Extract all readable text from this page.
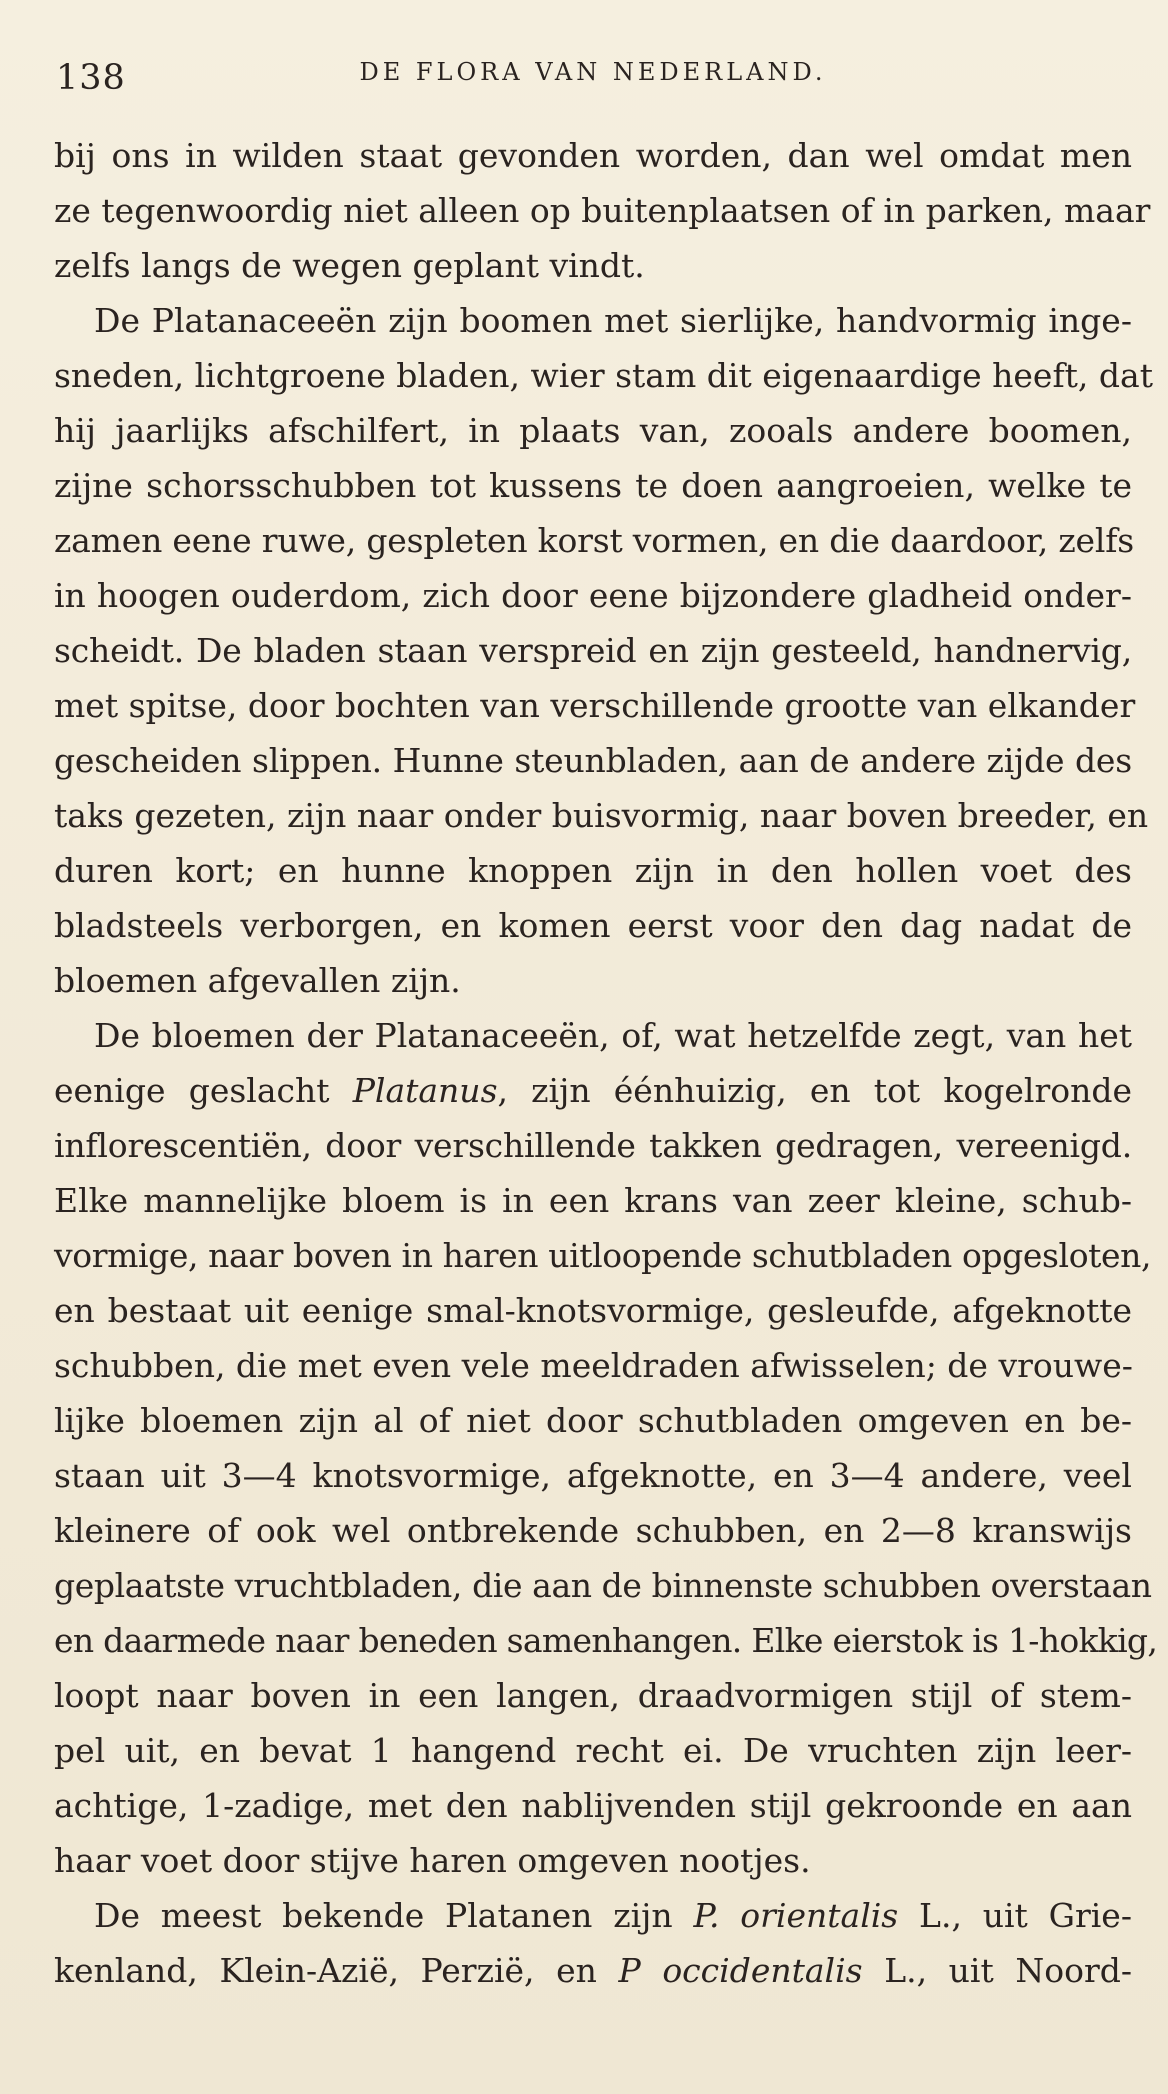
138	DE FLORA VAN NEDERLAND.

bij ons in wilden staat gevonden worden, dan wel omdat men
ze tegenwoordig niet alleen op buitenplaatsen of in parken, maar
zelfs langs de wegen geplant vindt.

De Platanaceeën zijn boomen met sierlijke, handvormig inge-
sneden, lichtgroene bladen, wier stam dit eigenaardige heeft, dat
hij jaarlijks afschilfert, in plaats van, zooals andere boomen,
zijne schorsschubben tot kussens te doen aangroeien, welke te
zamen eene ruwe, gespleten korst vormen, en die daardoor, zelfs
in hoogen ouderdom, zich door eene bijzondere gladheid onder-
scheidt. De bladen staan verspreid en zijn gesteeld, handnervig,
met spitse, door bochten van verschillende grootte van elkander
gescheiden slippen. Hunne steunbladen, aan de andere zijde des
taks gezeten, zijn naar onder buisvormig, naar boven breeder, en
duren kort; en hunne knoppen zijn in den hollen voet des
bladsteels verborgen, en komen eerst voor den dag nadat de
bloemen afgevallen zijn.

De bloemen der Platanaceeën, of, wat hetzelfde zegt, van het
eenige geslacht Platanus, zijn éénhuizig, en tot kogelronde
inflorescentiën, door verschillende takken gedragen, vereenigd.
Elke mannelijke bloem is in een krans van zeer kleine, schub-
vormige, naar boven in haren uitloopende schutbladen opgesloten,
en bestaat uit eenige smal-knotsvormige, gesleufde, afgeknotte
schubben, die met even vele meeldraden afwisselen; de vrouwe-
lijke bloemen zijn al of niet door schutbladen omgeven en be-
staan uit 3—4 knotsvormige, afgeknotte, en 3—4 andere, veel
kleinere of ook wel ontbrekende schubben, en 2—8 kranswijs
geplaatste vruchtbladen, die aan de binnenste schubben overstaan
en daarmede naar beneden samenhangen. Elke eierstok is 1-hokkig,
loopt naar boven in een langen, draadvormigen stijl of stem-
pel uit, en bevat 1 hangend recht ei. De vruchten zijn leer-
achtige, 1-zadige, met den nablijvenden stijl gekroonde en aan
haar voet door stijve haren omgeven nootjes.

De meest bekende Platanen zijn P. orientalis L., uit Grie-
kenland, Klein-Azië, Perzië, en P occidentalis L., uit Noord-
